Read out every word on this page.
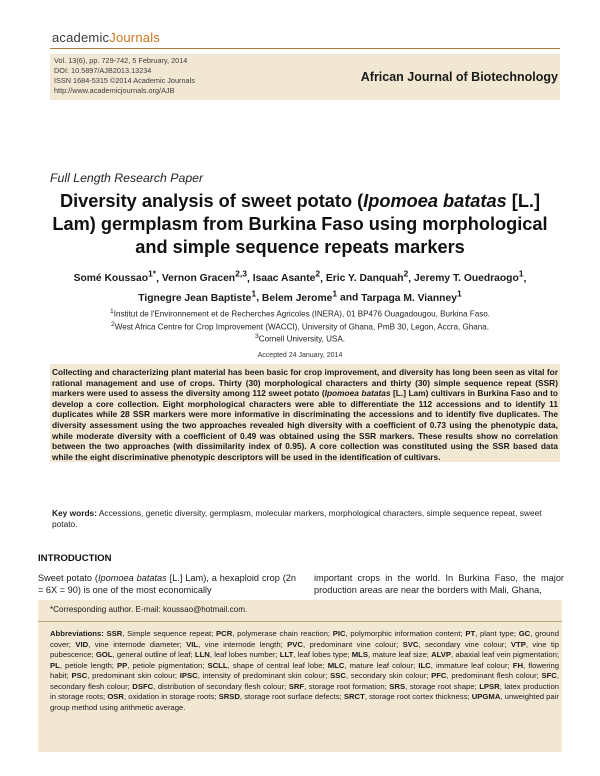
academicJournals
Vol. 13(6), pp. 729-742, 5 February, 2014
DOI: 10.5897/AJB2013.13234
ISSN 1684-5315 ©2014 Academic Journals
http://www.academicjournals.org/AJB
African Journal of Biotechnology
Full Length Research Paper
Diversity analysis of sweet potato (Ipomoea batatas [L.] Lam) germplasm from Burkina Faso using morphological and simple sequence repeats markers
Somé Koussao$^{1*}$, Vernon Gracen$^{2,3}$, Isaac Asante$^2$, Eric Y. Danquah$^2$, Jeremy T. Ouedraogo$^1$,
Tignegre Jean Baptiste$^1$, Belem Jerome$^1$ and Tarpaga M. Vianney$^1$
$^1$Institut de l'Environnement et de Recherches Agricoles (INERA), 01 BP476 Ouagadougou, Burkina Faso.
$^2$West Africa Centre for Crop Improvement (WACCI), University of Ghana, PmB 30, Legon, Accra, Ghana.
$^3$Cornell University, USA.
Accepted 24 January, 2014
Collecting and characterizing plant material has been basic for crop improvement, and diversity has long been seen as vital for rational management and use of crops. Thirty (30) morphological characters and thirty (30) simple sequence repeat (SSR) markers were used to assess the diversity among 112 sweet potato (Ipomoea batatas [L.] Lam) cultivars in Burkina Faso and to develop a core collection. Eight morphological characters were able to differentiate the 112 accessions and to identify 11 duplicates while 28 SSR markers were more informative in discriminating the accessions and to identify five duplicates. The diversity assessment using the two approaches revealed high diversity with a coefficient of 0.73 using the phenotypic data, while moderate diversity with a coefficient of 0.49 was obtained using the SSR markers. These results show no correlation between the two approaches (with dissimilarity index of 0.95). A core collection was constituted using the SSR based data while the eight discriminative phenotypic descriptors will be used in the identification of cultivars.
Key words: Accessions, genetic diversity, germplasm, molecular markers, morphological characters, simple sequence repeat, sweet potato.
INTRODUCTION
Sweet potato (Ipomoea batatas [L.] Lam), a hexaploid crop (2n = 6X = 90) is one of the most economically
important crops in the world. In Burkina Faso, the major production areas are near the borders with Mali, Ghana,
*Corresponding author. E-mail: koussao@hotmail.com.
Abbreviations: SSR, Simple sequence repeat; PCR, polymerase chain reaction; PIC, polymorphic information content; PT, plant type; GC, ground cover; VID, vine internode diameter; VIL, vine internode length; PVC, predominant vine colour; SVC, secondary vine colour; VTP, vine tip pubescence; GOL, general outline of leaf; LLN, leaf lobes number; LLT, leaf lobes type; MLS, mature leaf size; ALVP, abaxial leaf vein pigmentation; PL, petiole length; PP, petiole pigmentation; SCLL, shape of central leaf lobe; MLC, mature leaf colour; ILC, immature leaf colour; FH, flowering habit; PSC, predominant skin colour; IPSC, intensity of predominant skin colour; SSC, secondary skin colour; PFC, predominant flesh colour; SFC, secondary flesh colour; DSFC, distribution of secondary flesh colour; SRF, storage root formation; SRS, storage root shape; LPSR, latex production in storage roots; OSR, oxidation in storage roots; SRSD, storage root surface defects; SRCT, storage root cortex thickness; UPGMA, unweighted pair group method using arithmetic average.
